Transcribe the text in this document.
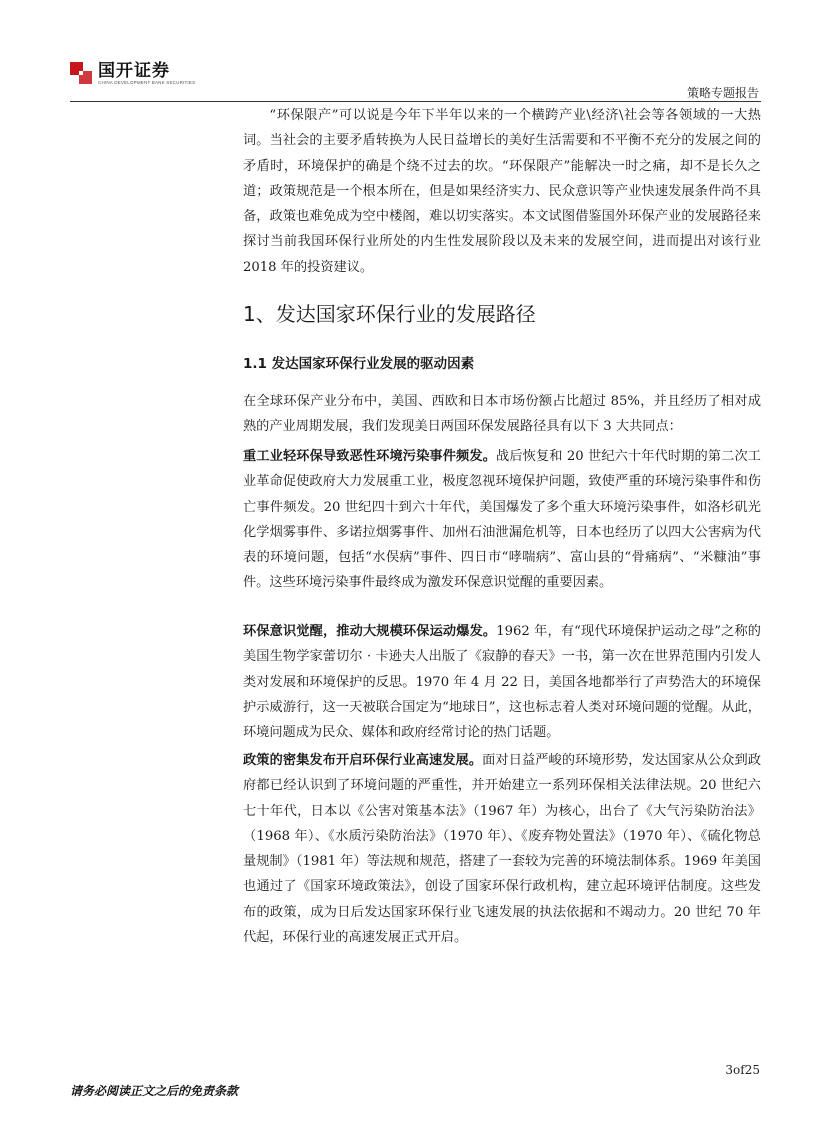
国开证券
CHINA DEVELOPMENT BANK SECURITIES
策略专题报告

“环保限产”可以说是今年下半年以来的一个横跨产业\经济\社会等各领域的一大热词。当社会的主要矛盾转换为人民日益增长的美好生活需要和不平衡不充分的发展之间的矛盾时，环境保护的确是个绕不过去的坎。“环保限产”能解决一时之痛，却不是长久之道；政策规范是一个根本所在，但是如果经济实力、民众意识等产业快速发展条件尚不具备，政策也难免成为空中楼阁，难以切实落实。本文试图借鉴国外环保产业的发展路径来探讨当前我国环保行业所处的内生性发展阶段以及未来的发展空间，进而提出对该行业 2018 年的投资建议。

1、发达国家环保行业的发展路径
1.1 发达国家环保行业发展的驱动因素

在全球环保产业分布中，美国、西欧和日本市场份额占比超过 85%，并且经历了相对成熟的产业周期发展，我们发现美日两国环保发展路径具有以下 3 大共同点：

重工业轻环保导致恶性环境污染事件频发。战后恢复和 20 世纪六十年代时期的第二次工业革命促使政府大力发展重工业，极度忽视环境保护问题，致使严重的环境污染事件和伤亡事件频发。20 世纪四十到六十年代，美国爆发了多个重大环境污染事件，如洛杉矶光化学烟雾事件、多诺拉烟雾事件、加州石油泄漏危机等，日本也经历了以四大公害病为代表的环境问题，包括“水俣病”事件、四日市“哮喘病”、富山县的“骨痛病”、“米糠油”事件。这些环境污染事件最终成为激发环保意识觉醒的重要因素。

环保意识觉醒，推动大规模环保运动爆发。1962 年，有“现代环境保护运动之母”之称的美国生物学家蕾切尔 · 卡逊夫人出版了《寂静的春天》一书，第一次在世界范围内引发人类对发展和环境保护的反思。1970 年 4 月 22 日，美国各地都举行了声势浩大的环境保护示威游行，这一天被联合国定为“地球日”，这也标志着人类对环境问题的觉醒。从此，环境问题成为民众、媒体和政府经常讨论的热门话题。

政策的密集发布开启环保行业高速发展。面对日益严峻的环境形势，发达国家从公众到政府都已经认识到了环境问题的严重性，并开始建立一系列环保相关法律法规。20 世纪六七十年代，日本以《公害对策基本法》（1967 年）为核心，出台了《大气污染防治法》（1968 年）、《水质污染防治法》（1970 年）、《废弃物处置法》（1970 年）、《硫化物总量规制》（1981 年）等法规和规范，搭建了一套较为完善的环境法制体系。1969 年美国也通过了《国家环境政策法》，创设了国家环保行政机构，建立起环境评估制度。这些发布的政策，成为日后发达国家环保行业飞速发展的执法依据和不竭动力。20 世纪 70 年代起，环保行业的高速发展正式开启。

3of25
请务必阅读正文之后的免责条款
